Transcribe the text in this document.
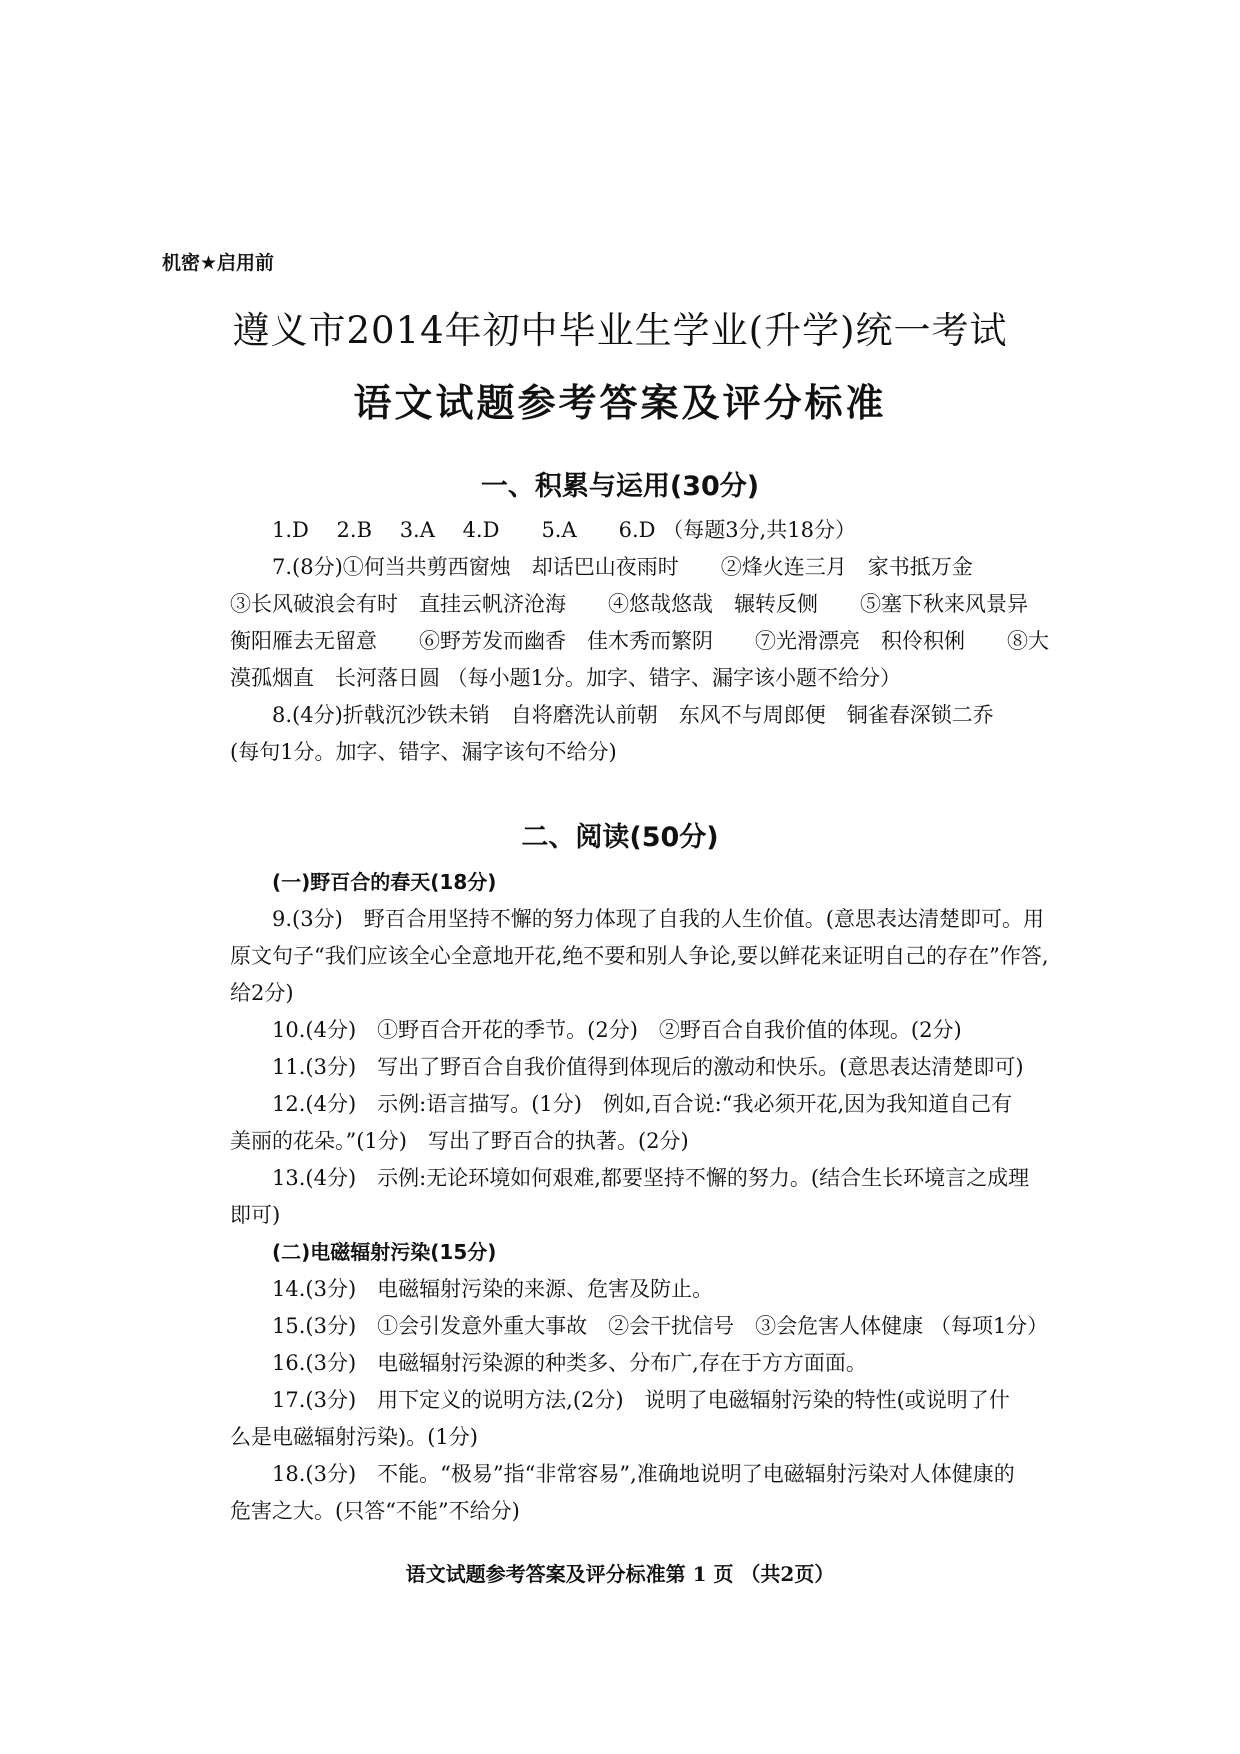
机密★启用前
遵义市2014年初中毕业生学业(升学)统一考试
语文试题参考答案及评分标准
一、积累与运用(30分)
1.D　 2.B　 3.A　 4.D　　5.A　　6.D （每题3分,共18分）
7.(8分)①何当共剪西窗烛　却话巴山夜雨时　　②烽火连三月　家书抵万金
③长风破浪会有时　直挂云帆济沧海　　④悠哉悠哉　辗转反侧　　⑤塞下秋来风景异
衡阳雁去无留意　　⑥野芳发而幽香　佳木秀而繁阴　　⑦光滑漂亮　积伶积俐　　⑧大
漠孤烟直　长河落日圆 （每小题1分。加字、错字、漏字该小题不给分）
8.(4分)折戟沉沙铁未销　自将磨洗认前朝　东风不与周郎便　铜雀春深锁二乔
(每句1分。加字、错字、漏字该句不给分)
二、阅读(50分)
(一)野百合的春天(18分)
9.(3分)　野百合用坚持不懈的努力体现了自我的人生价值。(意思表达清楚即可。用
原文句子“我们应该全心全意地开花,绝不要和别人争论,要以鲜花来证明自己的存在”作答,
给2分)
10.(4分)　①野百合开花的季节。(2分)　②野百合自我价值的体现。(2分)
11.(3分)　写出了野百合自我价值得到体现后的激动和快乐。(意思表达清楚即可)
12.(4分)　示例:语言描写。(1分)　例如,百合说:“我必须开花,因为我知道自己有
美丽的花朵。”(1分)　写出了野百合的执著。(2分)
13.(4分)　示例:无论环境如何艰难,都要坚持不懈的努力。(结合生长环境言之成理
即可)
(二)电磁辐射污染(15分)
14.(3分)　电磁辐射污染的来源、危害及防止。
15.(3分)　①会引发意外重大事故　②会干扰信号　③会危害人体健康 （每项1分）
16.(3分)　电磁辐射污染源的种类多、分布广,存在于方方面面。
17.(3分)　用下定义的说明方法,(2分)　说明了电磁辐射污染的特性(或说明了什
么是电磁辐射污染)。(1分)
18.(3分)　不能。“极易”指“非常容易”,准确地说明了电磁辐射污染对人体健康的
危害之大。(只答“不能”不给分)
语文试题参考答案及评分标准第 1 页 （共2页）
